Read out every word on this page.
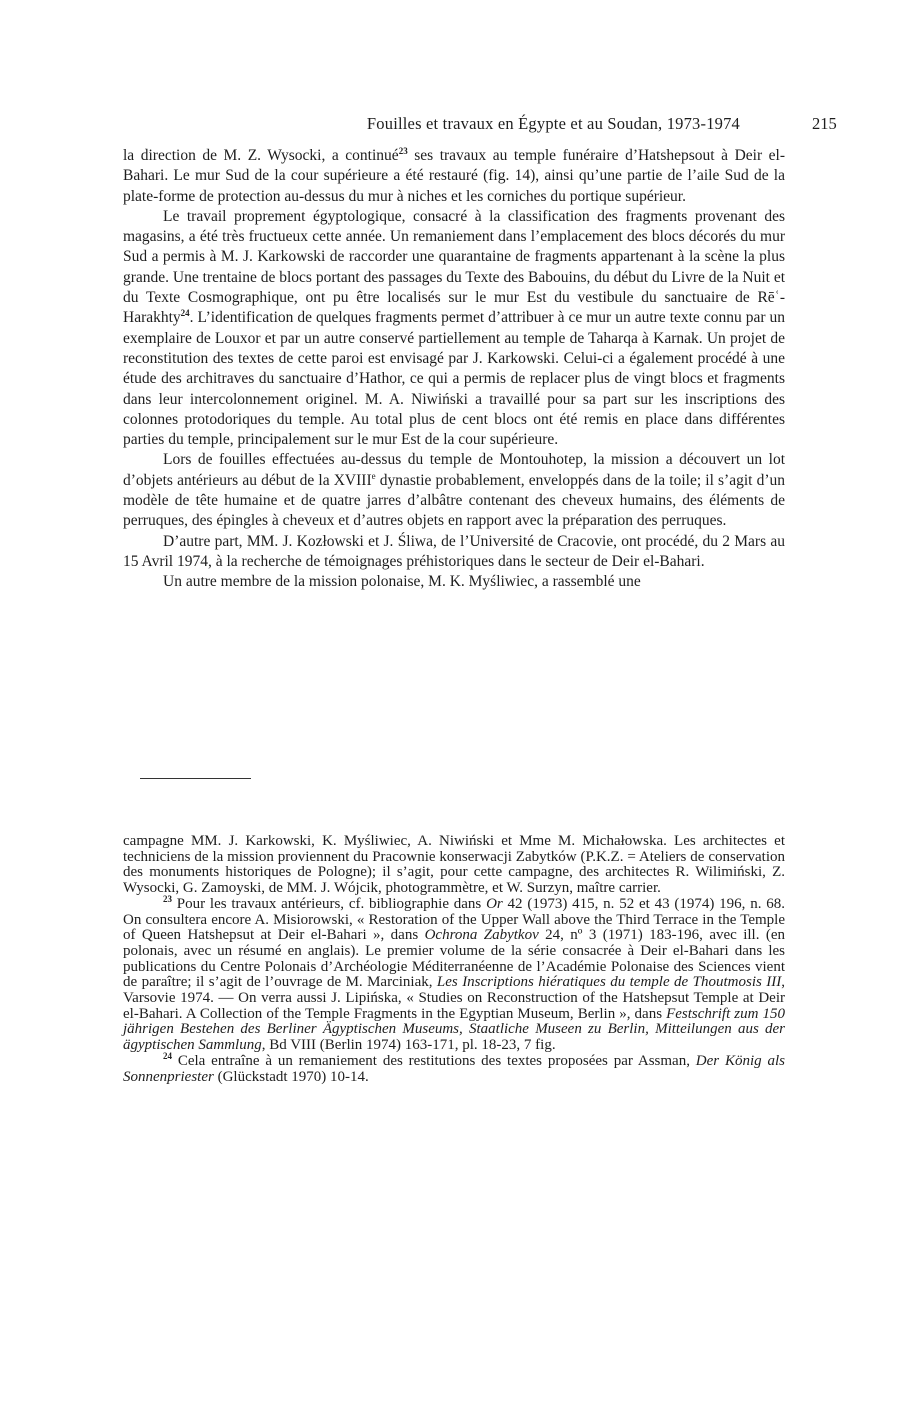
Fouilles et travaux en Égypte et au Soudan, 1973-1974	215

la direction de M. Z. Wysocki, a continué$^{23}$ ses travaux au temple funéraire d’Hatshepsout à Deir el-Bahari. Le mur Sud de la cour supérieure a été restauré (fig. 14), ainsi qu’une partie de l’aile Sud de la plate-forme de protection au-dessus du mur à niches et les corniches du portique supérieur.

Le travail proprement égyptologique, consacré à la classification des fragments provenant des magasins, a été très fructueux cette année. Un remaniement dans l’emplacement des blocs décorés du mur Sud a permis à M. J. Karkowski de raccorder une quarantaine de fragments appartenant à la scène la plus grande. Une trentaine de blocs portant des passages du Texte des Babouins, du début du Livre de la Nuit et du Texte Cosmographique, ont pu être localisés sur le mur Est du vestibule du sanctuaire de Rēʿ-Harakhty$^{24}$. L’identification de quelques fragments permet d’attribuer à ce mur un autre texte connu par un exemplaire de Louxor et par un autre conservé partiellement au temple de Taharqa à Karnak. Un projet de reconstitution des textes de cette paroi est envisagé par J. Karkowski. Celui-ci a également procédé à une étude des architraves du sanctuaire d’Hathor, ce qui a permis de replacer plus de vingt blocs et fragments dans leur intercolonnement originel. M. A. Niwiński a travaillé pour sa part sur les inscriptions des colonnes protodoriques du temple. Au total plus de cent blocs ont été remis en place dans différentes parties du temple, principalement sur le mur Est de la cour supérieure.

Lors de fouilles effectuées au-dessus du temple de Montouhotep, la mission a découvert un lot d’objets antérieurs au début de la XVIIIe dynastie probablement, enveloppés dans de la toile; il s’agit d’un modèle de tête humaine et de quatre jarres d’albâtre contenant des cheveux humains, des éléments de perruques, des épingles à cheveux et d’autres objets en rapport avec la préparation des perruques.

D’autre part, MM. J. Kozłowski et J. Śliwa, de l’Université de Cracovie, ont procédé, du 2 Mars au 15 Avril 1974, à la recherche de témoignages préhistoriques dans le secteur de Deir el-Bahari.

Un autre membre de la mission polonaise, M. K. Myśliwiec, a rassemblé une

campagne MM. J. Karkowski, K. Myśliwiec, A. Niwiński et Mme M. Michałowska. Les architectes et techniciens de la mission proviennent du Pracownie konserwacji Zabytków (P.K.Z. = Ateliers de conservation des monuments historiques de Pologne); il s’agit, pour cette campagne, des architectes R. Wilimiński, Z. Wysocki, G. Zamoyski, de MM. J. Wójcik, photogrammètre, et W. Surzyn, maître carrier.

$^{23}$ Pour les travaux antérieurs, cf. bibliographie dans Or 42 (1973) 415, n. 52 et 43 (1974) 196, n. 68. On consultera encore A. Misiorowski, « Restoration of the Upper Wall above the Third Terrace in the Temple of Queen Hatshepsut at Deir el-Bahari », dans Ochrona Zabytkov 24, nº 3 (1971) 183-196, avec ill. (en polonais, avec un résumé en anglais). Le premier volume de la série consacrée à Deir el-Bahari dans les publications du Centre Polonais d’Archéologie Méditerranéenne de l’Académie Polonaise des Sciences vient de paraître; il s’agit de l’ouvrage de M. Marciniak, Les Inscriptions hiératiques du temple de Thoutmosis III, Varsovie 1974. — On verra aussi J. Lipińska, « Studies on Reconstruction of the Hatshepsut Temple at Deir el-Bahari. A Collection of the Temple Fragments in the Egyptian Museum, Berlin », dans Festschrift zum 150 jährigen Bestehen des Berliner Ägyptischen Museums, Staatliche Museen zu Berlin, Mitteilungen aus der ägyptischen Sammlung, Bd VIII (Berlin 1974) 163-171, pl. 18-23, 7 fig.

$^{24}$ Cela entraîne à un remaniement des restitutions des textes proposées par Assman, Der König als Sonnenpriester (Glückstadt 1970) 10-14.
